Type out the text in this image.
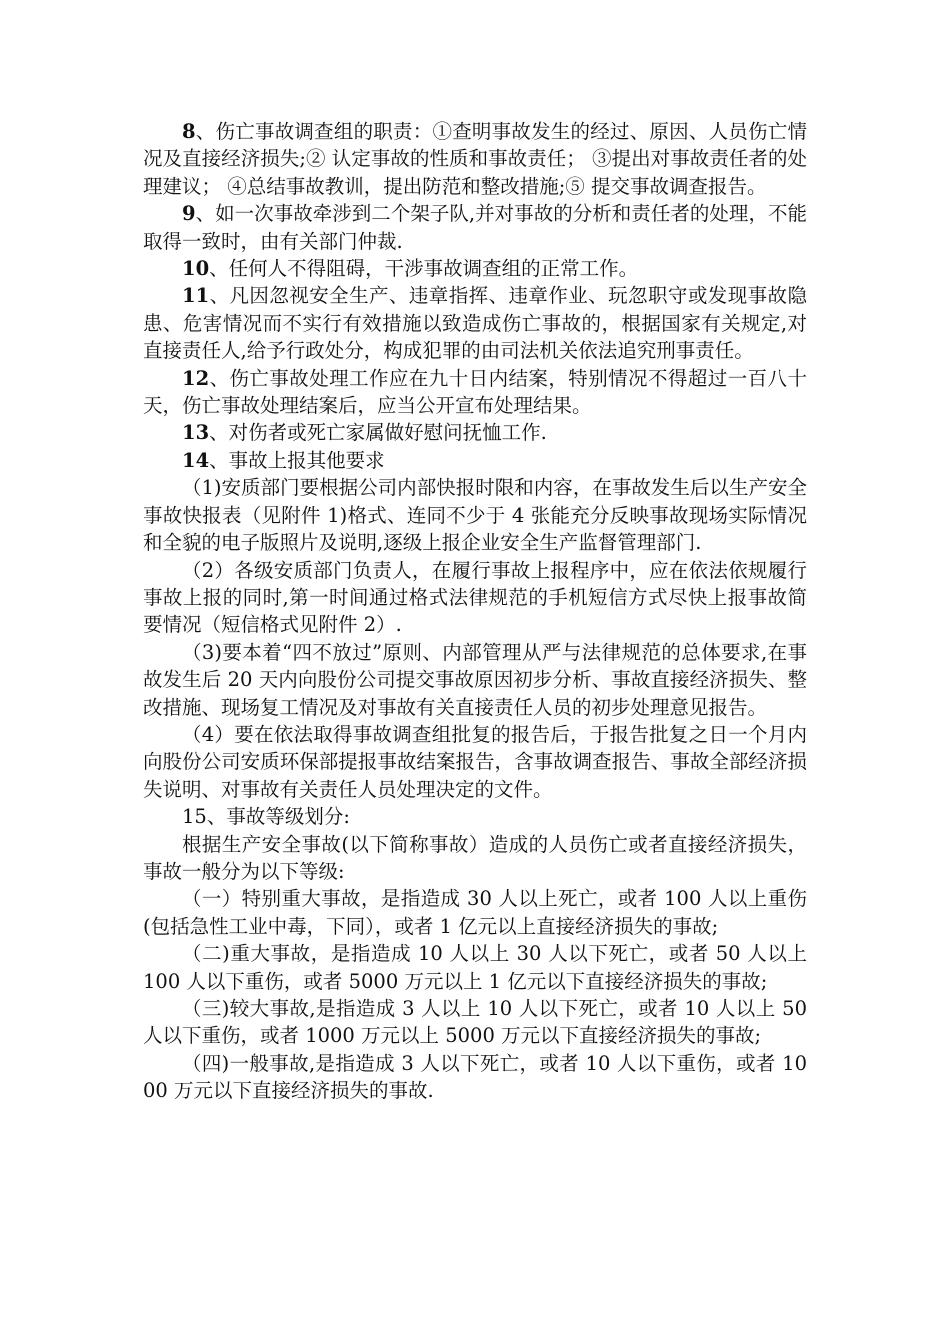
8、伤亡事故调查组的职责：①查明事故发生的经过、原因、人员伤亡情况及直接经济损失;② 认定事故的性质和事故责任； ③提出对事故责任者的处理建议； ④总结事故教训，提出防范和整改措施;⑤ 提交事故调查报告。

9、如一次事故牵涉到二个架子队,并对事故的分析和责任者的处理，不能取得一致时，由有关部门仲裁.

10、任何人不得阻碍，干涉事故调查组的正常工作。

11、凡因忽视安全生产、违章指挥、违章作业、玩忽职守或发现事故隐患、危害情况而不实行有效措施以致造成伤亡事故的，根据国家有关规定,对直接责任人,给予行政处分，构成犯罪的由司法机关依法追究刑事责任。

12、伤亡事故处理工作应在九十日内结案，特别情况不得超过一百八十天，伤亡事故处理结案后，应当公开宣布处理结果。

13、对伤者或死亡家属做好慰问抚恤工作.

14、事故上报其他要求

（1)安质部门要根据公司内部快报时限和内容，在事故发生后以生产安全事故快报表（见附件 1)格式、连同不少于 4 张能充分反映事故现场实际情况和全貌的电子版照片及说明,逐级上报企业安全生产监督管理部门.

（2）各级安质部门负责人，在履行事故上报程序中，应在依法依规履行事故上报的同时,第一时间通过格式法律规范的手机短信方式尽快上报事故简要情况（短信格式见附件 2）.

（3)要本着“四不放过”原则、内部管理从严与法律规范的总体要求,在事故发生后 20 天内向股份公司提交事故原因初步分析、事故直接经济损失、整改措施、现场复工情况及对事故有关直接责任人员的初步处理意见报告。

（4）要在依法取得事故调查组批复的报告后，于报告批复之日一个月内向股份公司安质环保部提报事故结案报告，含事故调查报告、事故全部经济损失说明、对事故有关责任人员处理决定的文件。

15、事故等级划分:

根据生产安全事故(以下简称事故）造成的人员伤亡或者直接经济损失，事故一般分为以下等级:

（一）特别重大事故，是指造成 30 人以上死亡，或者 100 人以上重伤(包括急性工业中毒，下同），或者 1 亿元以上直接经济损失的事故;

（二)重大事故，是指造成 10 人以上 30 人以下死亡，或者 50 人以上 100 人以下重伤，或者 5000 万元以上 1 亿元以下直接经济损失的事故;

（三)较大事故,是指造成 3 人以上 10 人以下死亡，或者 10 人以上 50 人以下重伤，或者 1000 万元以上 5000 万元以下直接经济损失的事故;

（四)一般事故,是指造成 3 人以下死亡，或者 10 人以下重伤，或者 1000 万元以下直接经济损失的事故.
